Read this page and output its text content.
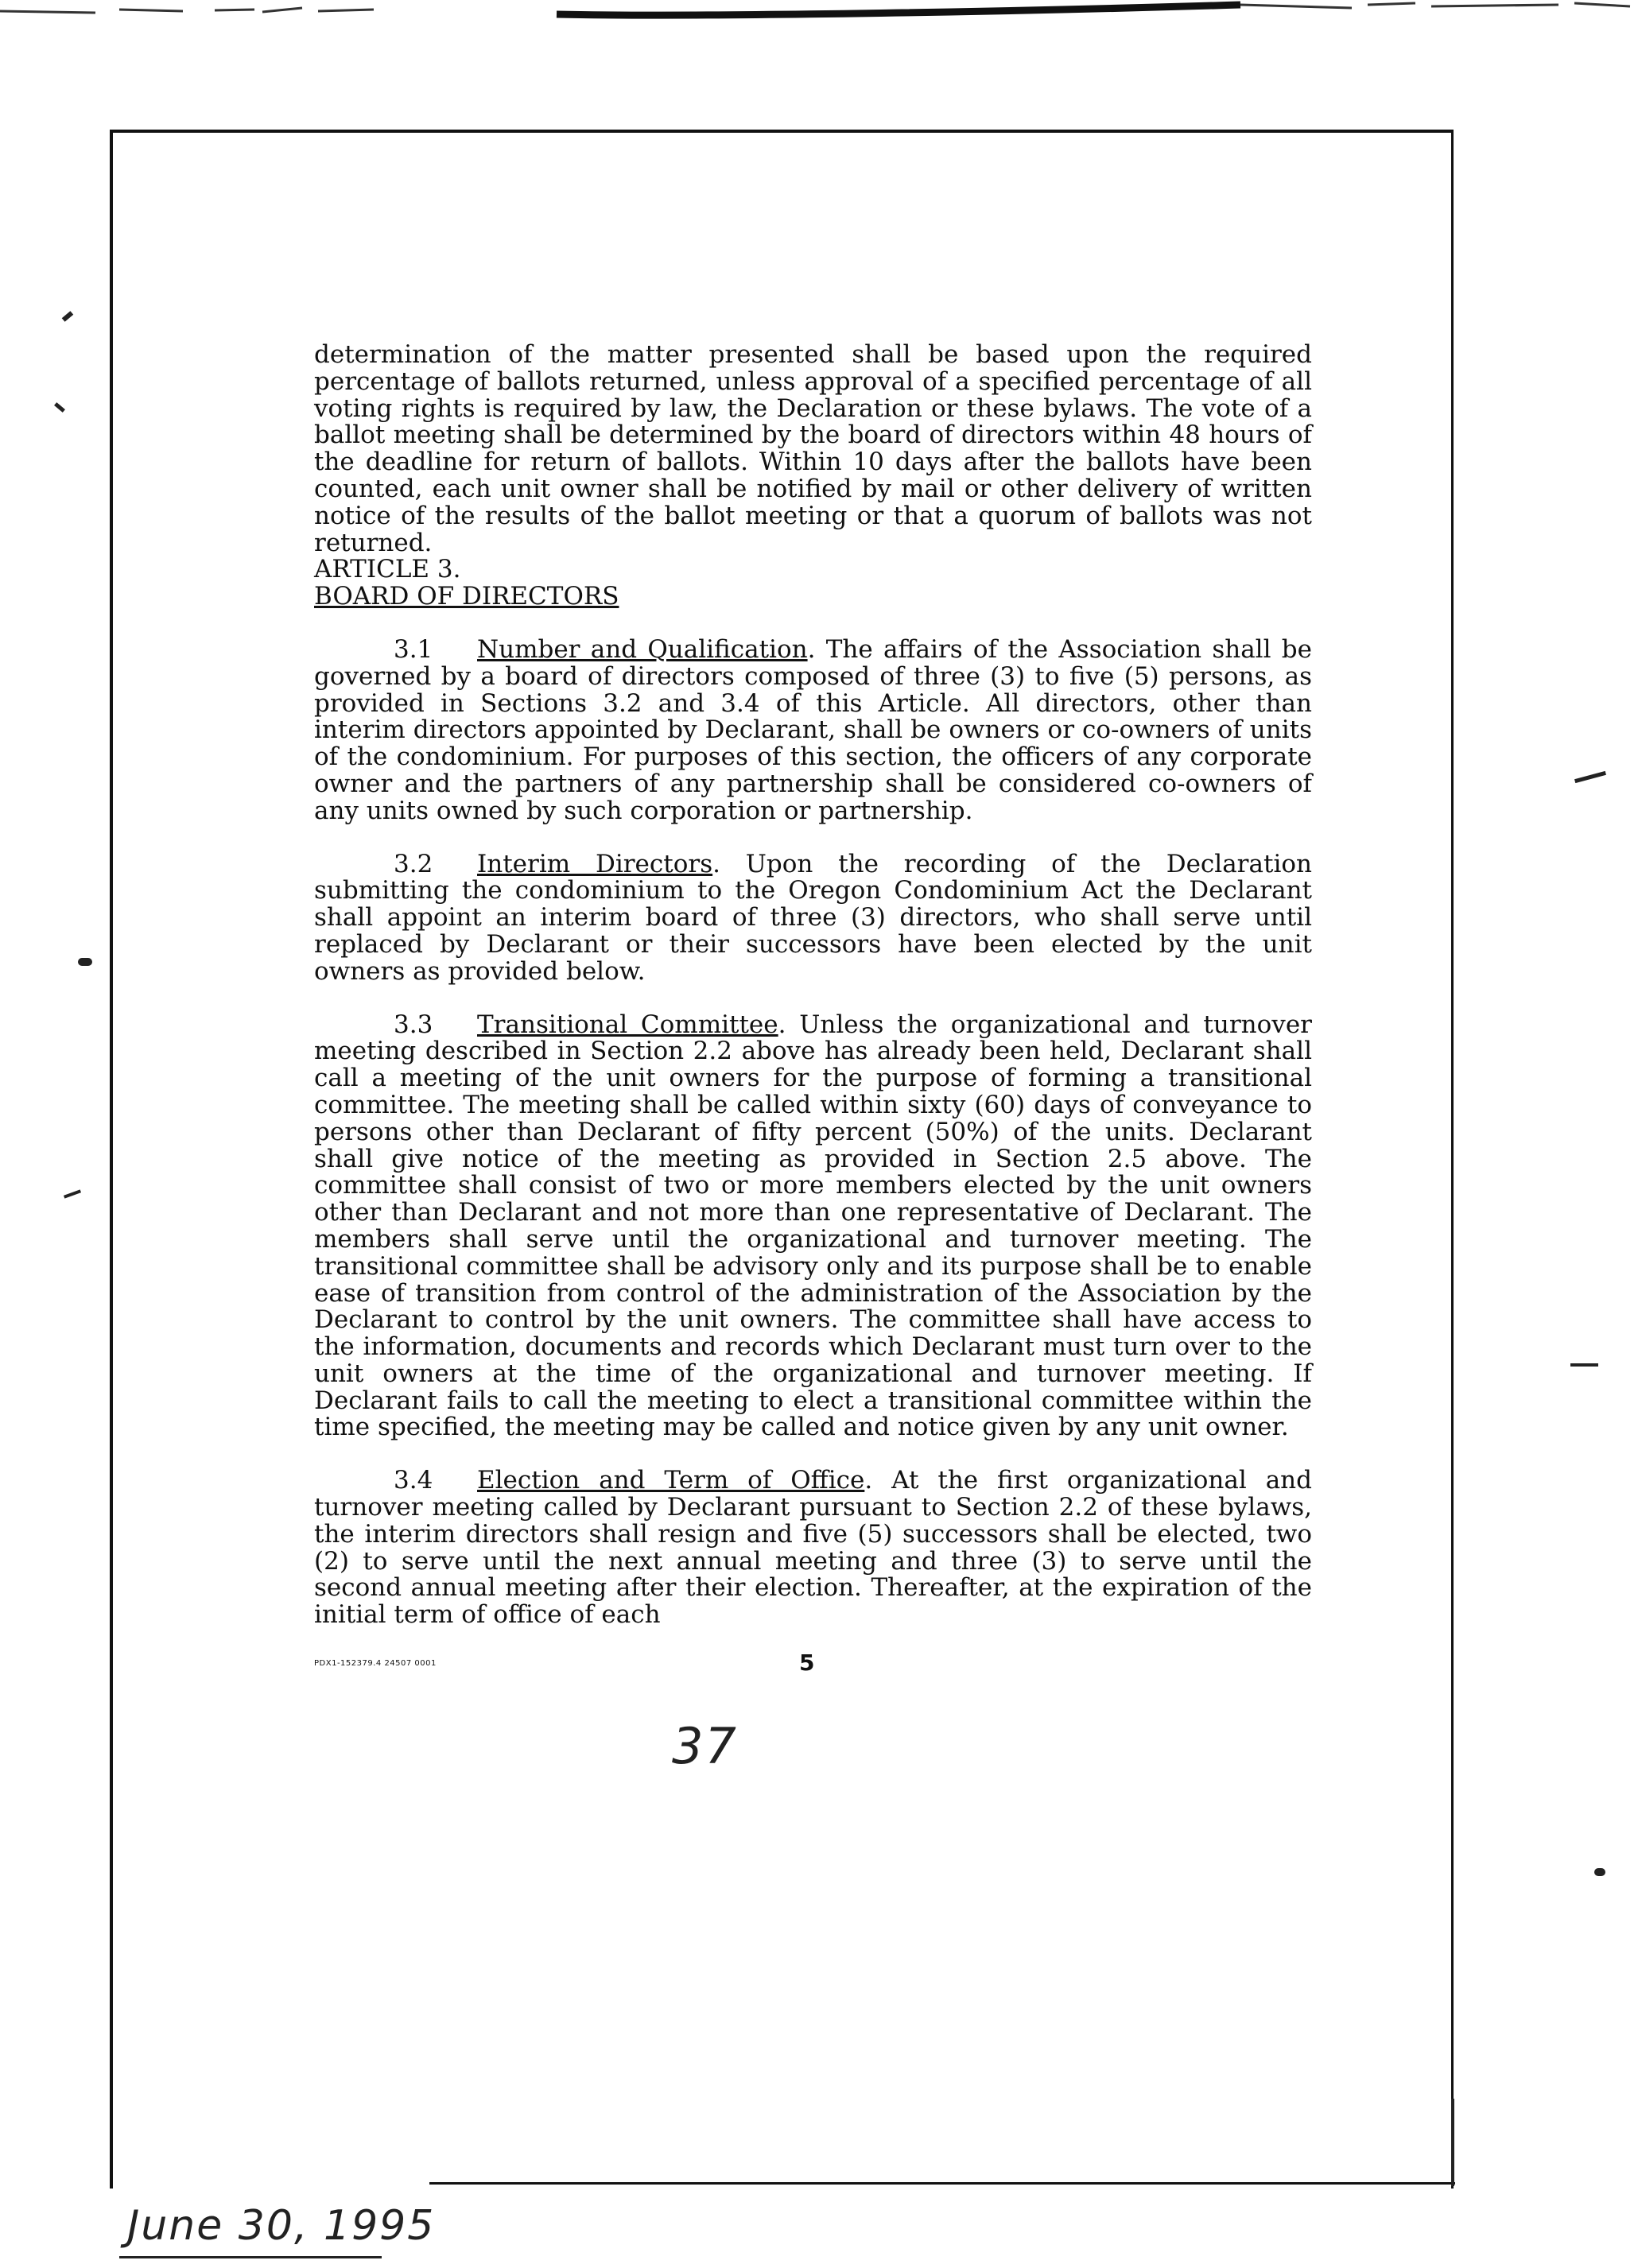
determination of the matter presented shall be based upon the required percentage of ballots returned, unless approval of a specified percentage of all voting rights is required by law, the Declaration or these bylaws. The vote of a ballot meeting shall be determined by the board of directors within 48 hours of the deadline for return of ballots. Within 10 days after the ballots have been counted, each unit owner shall be notified by mail or other delivery of written notice of the results of the ballot meeting or that a quorum of ballots was not returned.

ARTICLE 3.

BOARD OF DIRECTORS

3.1 Number and Qualification. The affairs of the Association shall be governed by a board of directors composed of three (3) to five (5) persons, as provided in Sections 3.2 and 3.4 of this Article. All directors, other than interim directors appointed by Declarant, shall be owners or co-owners of units of the condominium. For purposes of this section, the officers of any corporate owner and the partners of any partnership shall be considered co-owners of any units owned by such corporation or partnership.

3.2 Interim Directors. Upon the recording of the Declaration submitting the condominium to the Oregon Condominium Act the Declarant shall appoint an interim board of three (3) directors, who shall serve until replaced by Declarant or their successors have been elected by the unit owners as provided below.

3.3 Transitional Committee. Unless the organizational and turnover meeting described in Section 2.2 above has already been held, Declarant shall call a meeting of the unit owners for the purpose of forming a transitional committee. The meeting shall be called within sixty (60) days of conveyance to persons other than Declarant of fifty percent (50%) of the units. Declarant shall give notice of the meeting as provided in Section 2.5 above. The committee shall consist of two or more members elected by the unit owners other than Declarant and not more than one representative of Declarant. The members shall serve until the organizational and turnover meeting. The transitional committee shall be advisory only and its purpose shall be to enable ease of transition from control of the administration of the Association by the Declarant to control by the unit owners. The committee shall have access to the information, documents and records which Declarant must turn over to the unit owners at the time of the organizational and turnover meeting. If Declarant fails to call the meeting to elect a transitional committee within the time specified, the meeting may be called and notice given by any unit owner.

3.4 Election and Term of Office. At the first organizational and turnover meeting called by Declarant pursuant to Section 2.2 of these bylaws, the interim directors shall resign and five (5) successors shall be elected, two (2) to serve until the next annual meeting and three (3) to serve until the second annual meeting after their election. Thereafter, at the expiration of the initial term of office of each

PDX1-152379.4 24507 0001	5
37
June 30, 1995
